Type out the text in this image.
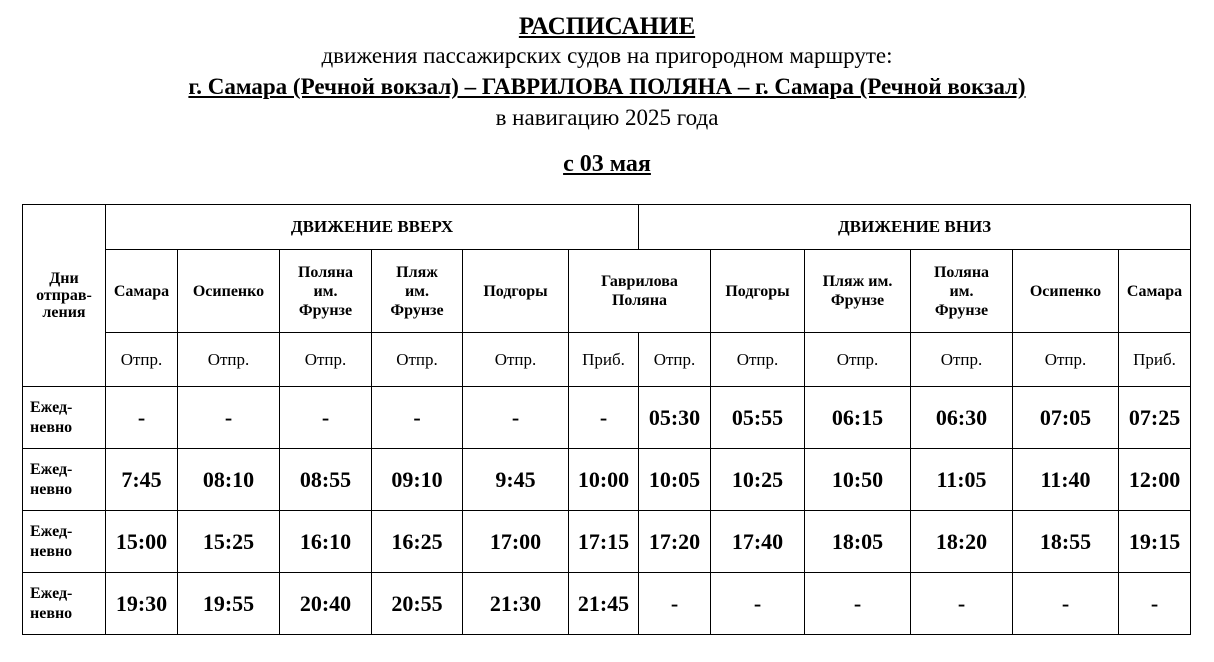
РАСПИСАНИЕ
движения пассажирских судов на пригородном маршруте:
г. Самара (Речной вокзал) – ГАВРИЛОВА ПОЛЯНА – г. Самара (Речной вокзал)
в навигацию 2025 года
с 03 мая
Дни
отправ-
ления	ДВИЖЕНИЕ ВВЕРХ						ДВИЖЕНИЕ ВНИЗ					

	Самара	Осипенко	Поляна
им.
Фрунзе	Пляж
им.
Фрунзе	Подгоры	Гаврилова
Поляна		Подгоры	Пляж им.
Фрунзе	Поляна
им.
Фрунзе	Осипенко	Самара

	Отпр.	Отпр.	Отпр.	Отпр.	Отпр.	Приб.	Отпр.	Отпр.	Отпр.	Отпр.	Отпр.	Приб.

Ежед-
невно	-	-	-	-	-	-	05:30	05:55	06:15	06:30	07:05	07:25

Ежед-
невно	7:45	08:10	08:55	09:10	9:45	10:00	10:05	10:25	10:50	11:05	11:40	12:00

Ежед-
невно	15:00	15:25	16:10	16:25	17:00	17:15	17:20	17:40	18:05	18:20	18:55	19:15

Ежед-
невно	19:30	19:55	20:40	20:55	21:30	21:45	-	-	-	-	-	-
